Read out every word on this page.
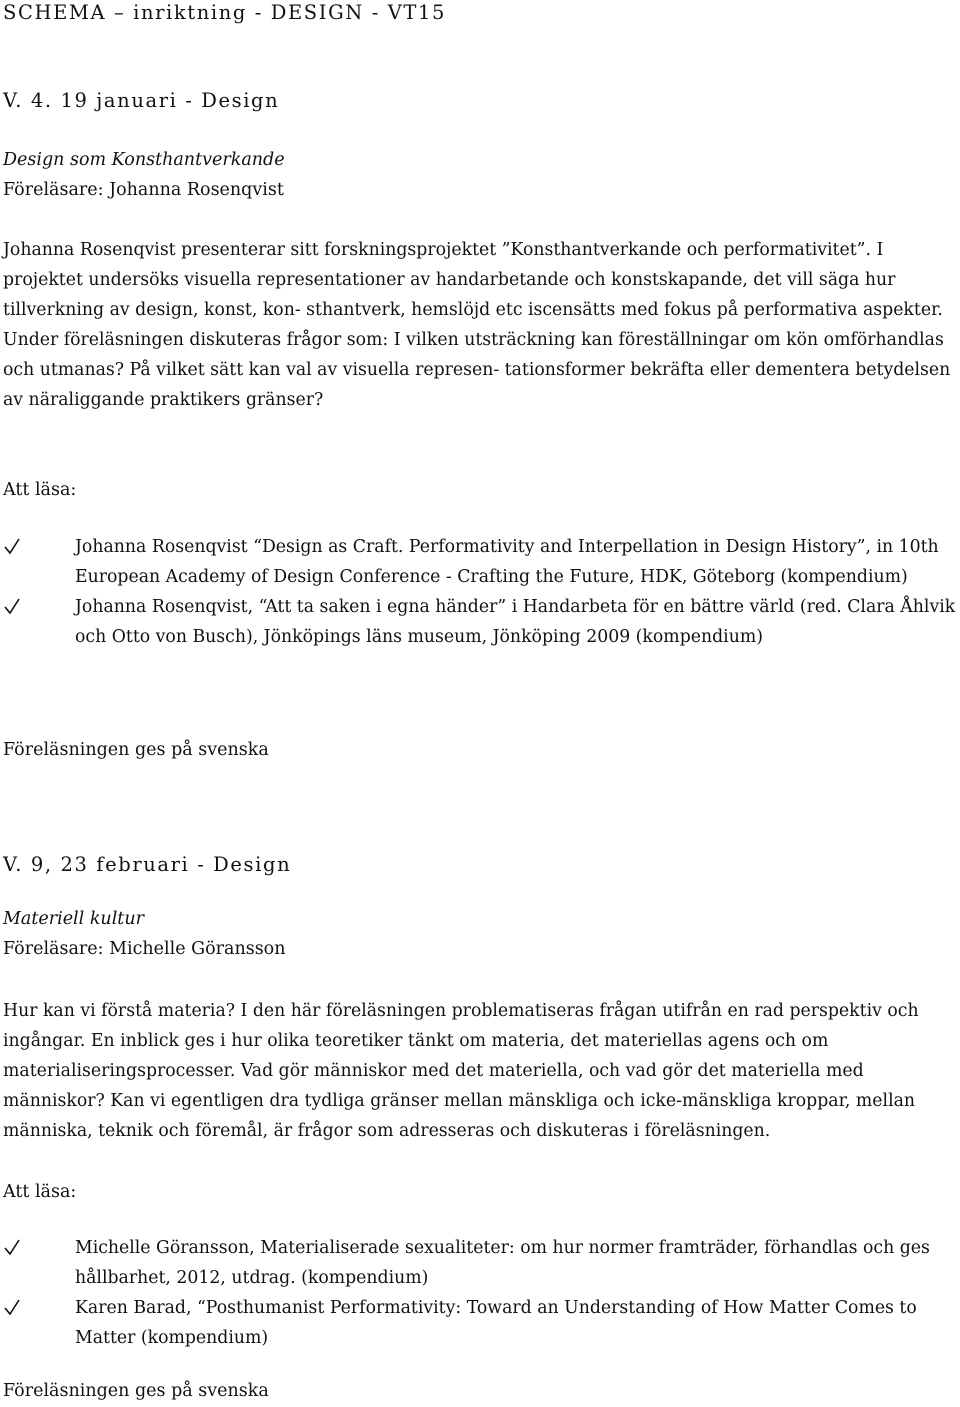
SCHEMA – inriktning - DESIGN - VT15
V. 4. 19 januari - Design
Design som Konsthantverkande
Föreläsare: Johanna Rosenqvist
Johanna Rosenqvist presenterar sitt forskningsprojektet ”Konsthantverkande och performativitet”. I projektet undersöks visuella representationer av handarbetande och konstskapande, det vill säga hur tillverkning av design, konst, kon- sthantverk, hemslöjd etc iscensätts med fokus på performativa aspekter. Under föreläsningen diskuteras frågor som: I vilken utsträckning kan föreställningar om kön omförhandlas och utmanas? På vilket sätt kan val av visuella represen- tationsformer bekräfta eller dementera betydelsen av näraliggande praktikers gränser?
Att läsa:
Johanna Rosenqvist “Design as Craft. Performativity and Interpellation in Design History”, in 10th European Academy of Design Conference - Crafting the Future, HDK, Göteborg (kompendium)
Johanna Rosenqvist, “Att ta saken i egna händer” i Handarbeta för en bättre värld (red. Clara Åhlvik och Otto von Busch), Jönköpings läns museum, Jönköping 2009 (kompendium)
Föreläsningen ges på svenska
V. 9, 23 februari - Design
Materiell kultur
Föreläsare: Michelle Göransson
Hur kan vi förstå materia? I den här föreläsningen problematiseras frågan utifrån en rad perspektiv och ingångar. En inblick ges i hur olika teoretiker tänkt om materia, det materiellas agens och om materialiseringsprocesser. Vad gör människor med det materiella, och vad gör det materiella med människor? Kan vi egentligen dra tydliga gränser mellan mänskliga och icke-mänskliga kroppar, mellan människa, teknik och föremål, är frågor som adresseras och diskuteras i föreläsningen.
Att läsa:
Michelle Göransson, Materialiserade sexualiteter: om hur normer framträder, förhandlas och ges hållbarhet, 2012, utdrag. (kompendium)
Karen Barad, “Posthumanist Performativity: Toward an Understanding of How Matter Comes to Matter (kompendium)
Föreläsningen ges på svenska
